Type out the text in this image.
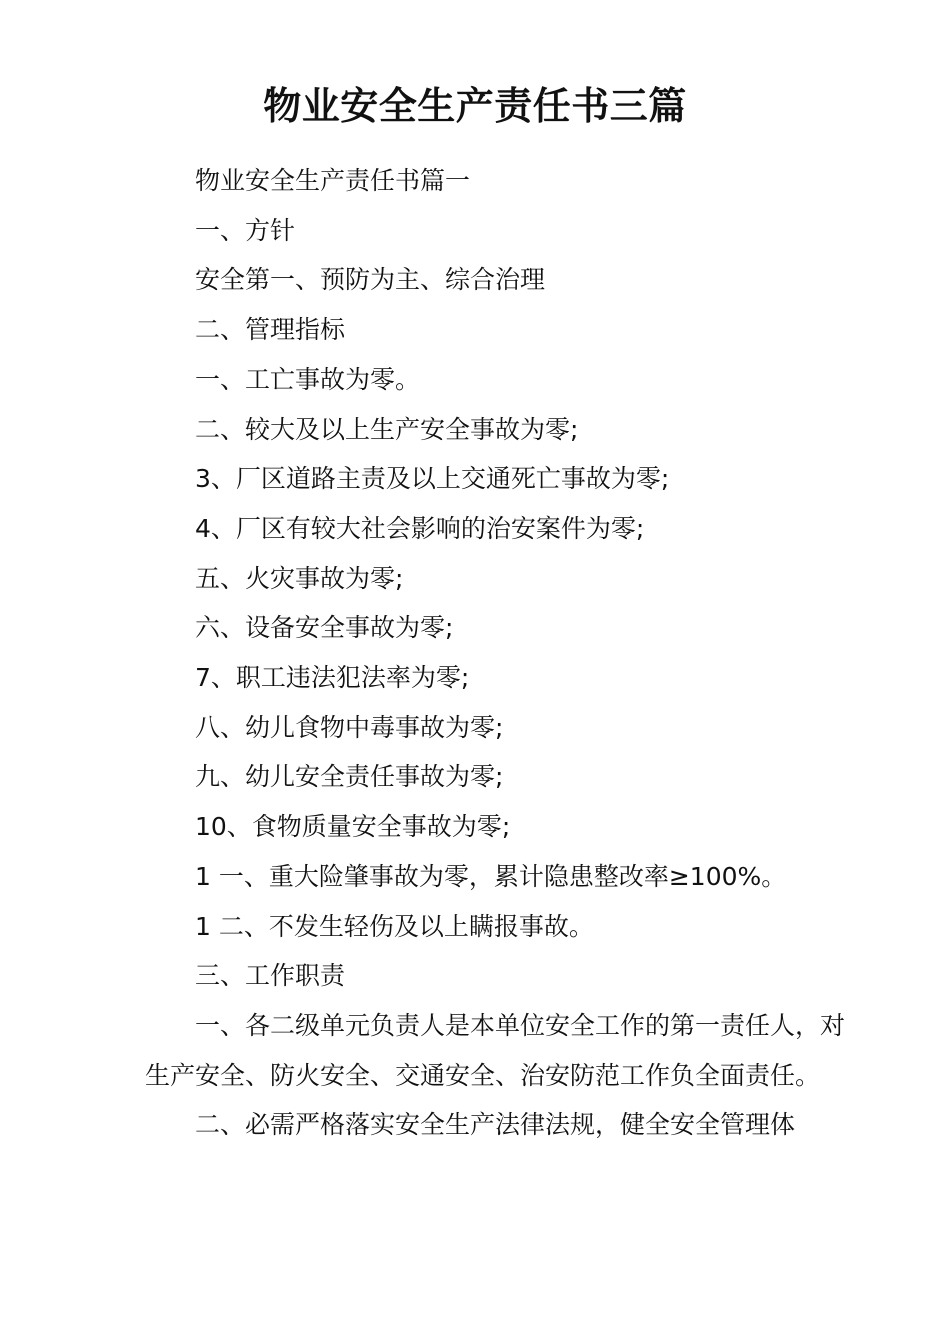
物业安全生产责任书三篇

物业安全生产责任书篇一

一、方针

安全第一、预防为主、综合治理

二、管理指标

一、工亡事故为零。

二、较大及以上生产安全事故为零;

3、厂区道路主责及以上交通死亡事故为零;

4、厂区有较大社会影响的治安案件为零;

五、火灾事故为零;

六、设备安全事故为零;

7、职工违法犯法率为零;

八、幼儿食物中毒事故为零;

九、幼儿安全责任事故为零;

10、食物质量安全事故为零;

1 一、重大险肇事故为零，累计隐患整改率≥100%。

1 二、不发生轻伤及以上瞒报事故。

三、工作职责

一、各二级单元负责人是本单位安全工作的第一责任人，对生产安全、防火安全、交通安全、治安防范工作负全面责任。

二、必需严格落实安全生产法律法规，健全安全管理体
